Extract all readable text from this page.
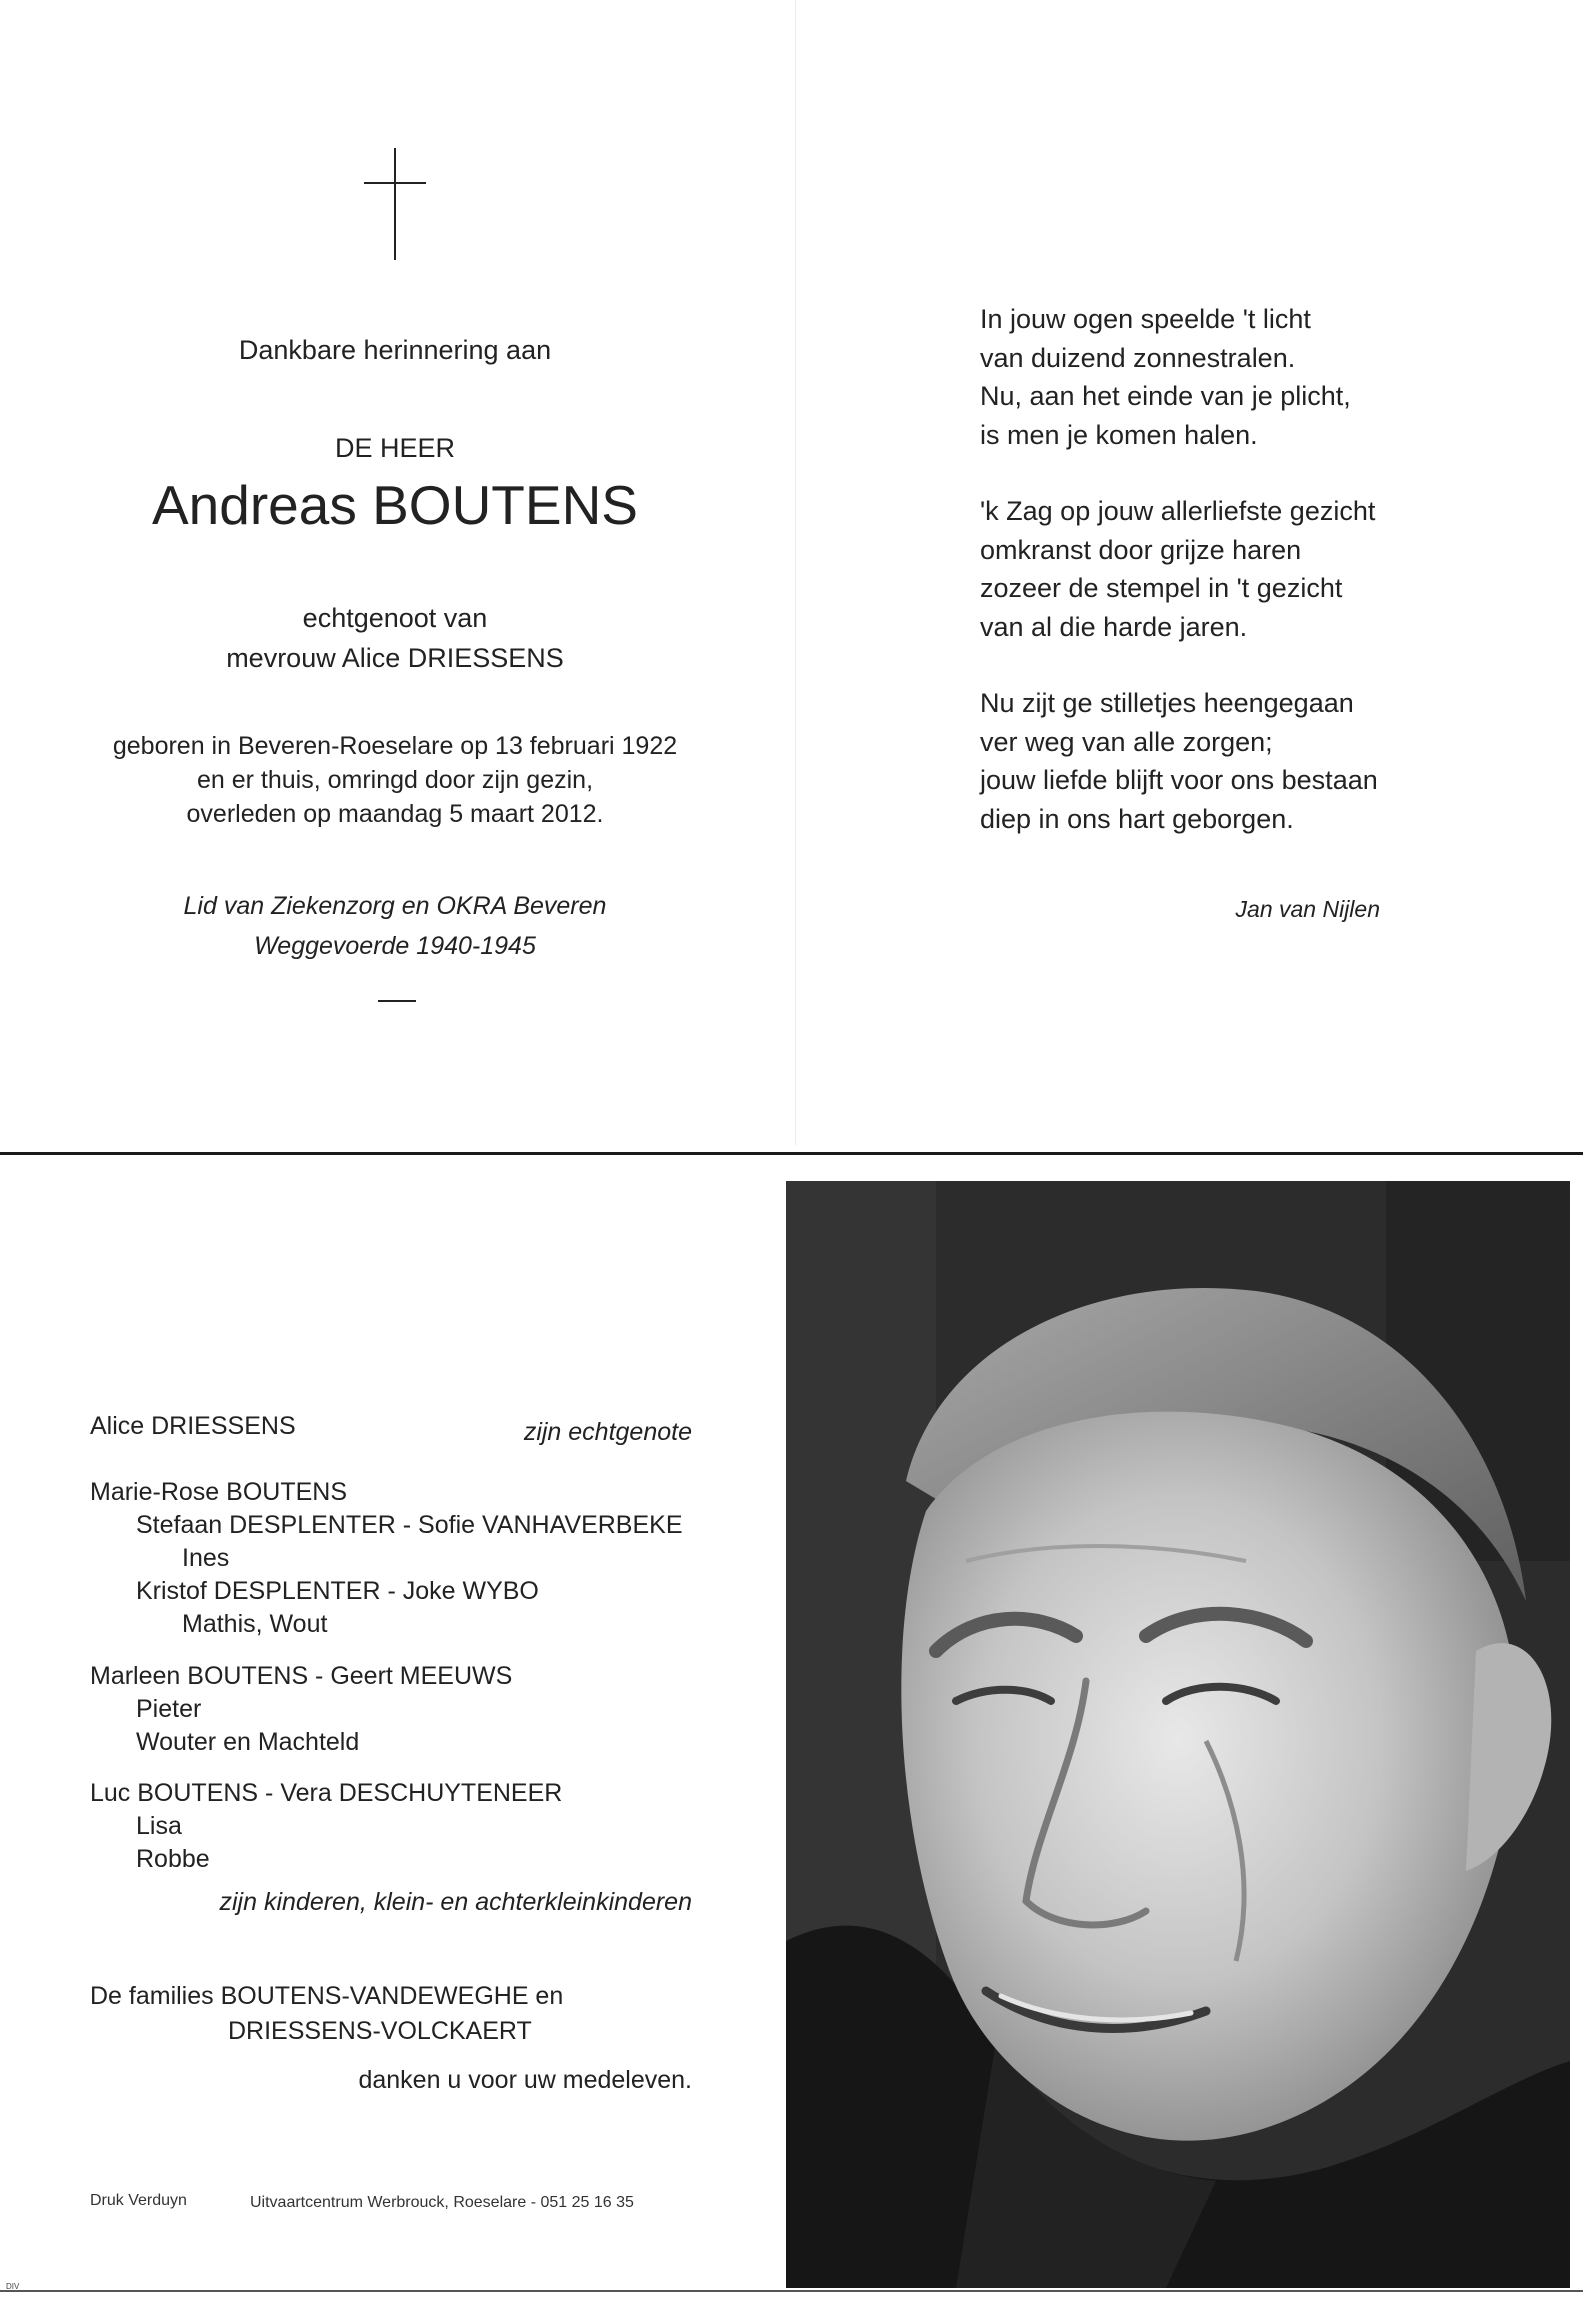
Dankbare herinnering aan
DE HEER
Andreas BOUTENS
echtgenoot van
mevrouw Alice DRIESSENS
geboren in Beveren-Roeselare op 13 februari 1922
en er thuis, omringd door zijn gezin,
overleden op maandag 5 maart 2012.
Lid van Ziekenzorg en OKRA Beveren
Weggevoerde 1940-1945

In jouw ogen speelde 't licht

van duizend zonnestralen.

Nu, aan het einde van je plicht,

is men je komen halen.

'k Zag op jouw allerliefste gezicht

omkranst door grijze haren

zozeer de stempel in 't gezicht

van al die harde jaren.

Nu zijt ge stilletjes heengegaan

ver weg van alle zorgen;

jouw liefde blijft voor ons bestaan

diep in ons hart geborgen.

Jan van Nijlen
Alice DRIESSENS	zijn echtgenote
Marie-Rose BOUTENS
Stefaan DESPLENTER - Sofie VANHAVERBEKE
Ines
Kristof DESPLENTER - Joke WYBO
Mathis, Wout
Marleen BOUTENS - Geert MEEUWS
Pieter
Wouter en Machteld
Luc BOUTENS - Vera DESCHUYTENEER
Lisa
Robbe
zijn kinderen, klein- en achterkleinkinderen
De families BOUTENS-VANDEWEGHE en
DRIESSENS-VOLCKAERT
danken u voor uw medeleven.
Druk Verduyn	Uitvaartcentrum Werbrouck, Roeselare - 051 25 16 35
DIV
